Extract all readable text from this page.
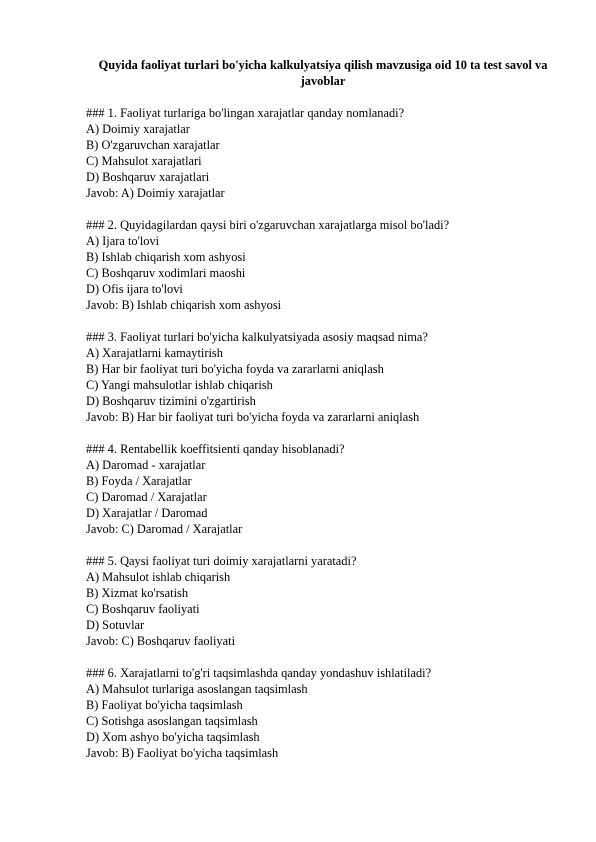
Quyida faoliyat turlari bo'yicha kalkulyatsiya qilish mavzusiga oid 10 ta test savol va javoblar
### 1. Faoliyat turlariga bo'lingan xarajatlar qanday nomlanadi?
A) Doimiy xarajatlar
B) O'zgaruvchan xarajatlar
C) Mahsulot xarajatlari
D) Boshqaruv xarajatlari
Javob: A) Doimiy xarajatlar
### 2. Quyidagilardan qaysi biri o'zgaruvchan xarajatlarga misol bo'ladi?
A) Ijara to'lovi
B) Ishlab chiqarish xom ashyosi
C) Boshqaruv xodimlari maoshi
D) Ofis ijara to'lovi
Javob: B) Ishlab chiqarish xom ashyosi
### 3. Faoliyat turlari bo'yicha kalkulyatsiyada asosiy maqsad nima?
A) Xarajatlarni kamaytirish
B) Har bir faoliyat turi bo'yicha foyda va zararlarni aniqlash
C) Yangi mahsulotlar ishlab chiqarish
D) Boshqaruv tizimini o'zgartirish
Javob: B) Har bir faoliyat turi bo'yicha foyda va zararlarni aniqlash
### 4. Rentabellik koeffitsienti qanday hisoblanadi?
A) Daromad - xarajatlar
B) Foyda / Xarajatlar
C) Daromad / Xarajatlar
D) Xarajatlar / Daromad
Javob: C) Daromad / Xarajatlar
### 5. Qaysi faoliyat turi doimiy xarajatlarni yaratadi?
A) Mahsulot ishlab chiqarish
B) Xizmat ko'rsatish
C) Boshqaruv faoliyati
D) Sotuvlar
Javob: C) Boshqaruv faoliyati
### 6. Xarajatlarni to'g'ri taqsimlashda qanday yondashuv ishlatiladi?
A) Mahsulot turlariga asoslangan taqsimlash
B) Faoliyat bo'yicha taqsimlash
C) Sotishga asoslangan taqsimlash
D) Xom ashyo bo'yicha taqsimlash
Javob: B) Faoliyat bo'yicha taqsimlash
